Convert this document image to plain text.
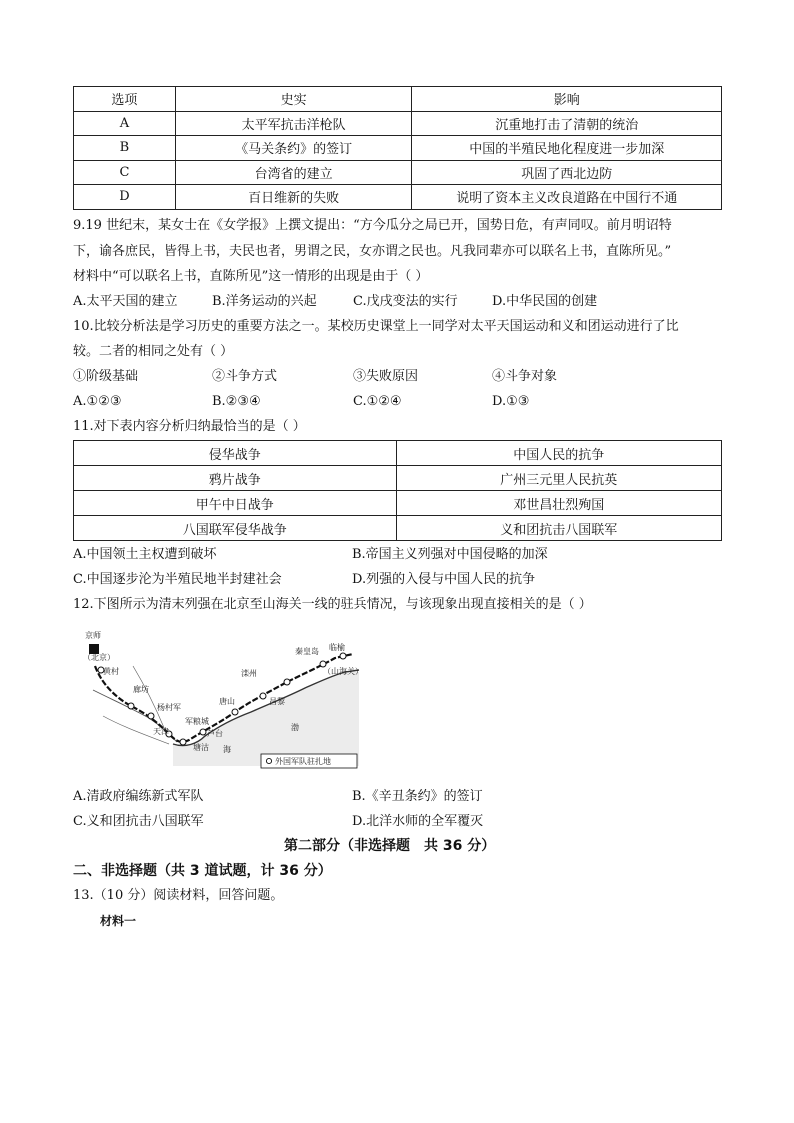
选项	史实	影响
A	太平军抗击洋枪队	沉重地打击了清朝的统治
B	《马关条约》的签订	中国的半殖民地化程度进一步加深
C	台湾省的建立	巩固了西北边防
D	百日维新的失败	说明了资本主义改良道路在中国行不通
9.19 世纪末，某女士在《女学报》上撰文提出：“方今瓜分之局已开，国势日危，有声同叹。前月明诏特
下，谕各庶民，皆得上书，夫民也者，男谓之民，女亦谓之民也。凡我同辈亦可以联名上书，直陈所见。”
材料中“可以联名上书，直陈所见”这一情形的出现是由于（ ）
A.太平天国的建立	B.洋务运动的兴起	C.戊戌变法的实行	D.中华民国的创建
10.比较分析法是学习历史的重要方法之一。某校历史课堂上一同学对太平天国运动和义和团运动进行了比
较。二者的相同之处有（ ）
①阶级基础	②斗争方式	③失败原因	④斗争对象
A.①②③	B.②③④	C.①②④	D.①③
11.对下表内容分析归纳最恰当的是（ ）
侵华战争	中国人民的抗争
鸦片战争	广州三元里人民抗英
甲午中日战争	邓世昌壮烈殉国
八国联军侵华战争	义和团抗击八国联军
A.中国领土主权遭到破坏	B.帝国主义列强对中国侵略的加深
C.中国逐步沦为半殖民地半封建社会	D.列强的入侵与中国人民的抗争
12.下图所示为清末列强在北京至山海关一线的驻兵情况，与该现象出现直接相关的是（ ）
京师
（北京）
黄村
廊坊
杨村军
天津
军粮城
塘沽
芦台
唐山
滦州
昌黎
秦皇岛 临榆
（山海关）
渤
海
外国军队驻扎地
A.清政府编练新式军队	B.《辛丑条约》的签订
C.义和团抗击八国联军	D.北洋水师的全军覆灭
第二部分（非选择题　共 36 分）
二、非选择题（共 3 道试题，计 36 分）
13.（10 分）阅读材料，回答问题。
材料一
